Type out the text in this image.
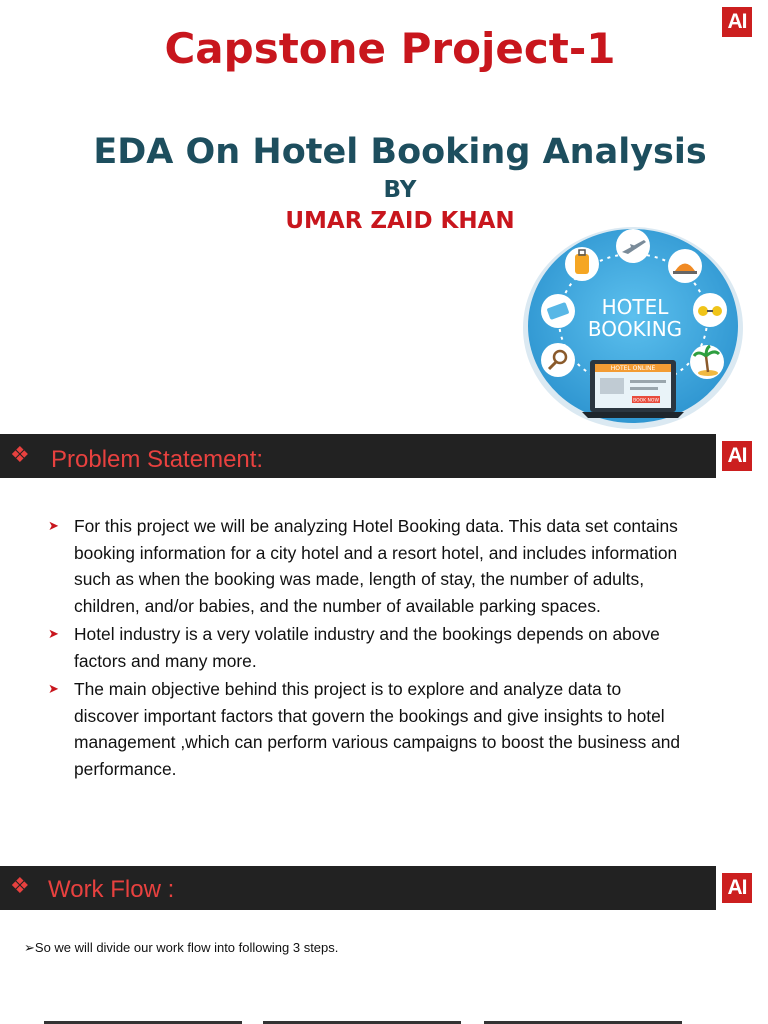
AI
Capstone Project-1
EDA On Hotel Booking Analysis
BY
UMAR ZAID KHAN
HOTEL
BOOKING
HOTEL ONLINE
BOOK NOW
❖ Problem Statement:	AI
➤ For this project we will be analyzing Hotel Booking data. This data set contains booking information for a city hotel and a resort hotel, and includes information such as when the booking was made, length of stay, the number of adults, children, and/or babies, and the number of available parking spaces.
➤ Hotel industry is a very volatile industry and the bookings depends on above factors and many more.
➤ The main objective behind this project is to explore and analyze data to discover important factors that govern the bookings and give insights to hotel management ,which can perform various campaigns to boost the business and performance.
❖ Work Flow :	AI
➢So we will divide our work flow into following 3 steps.
